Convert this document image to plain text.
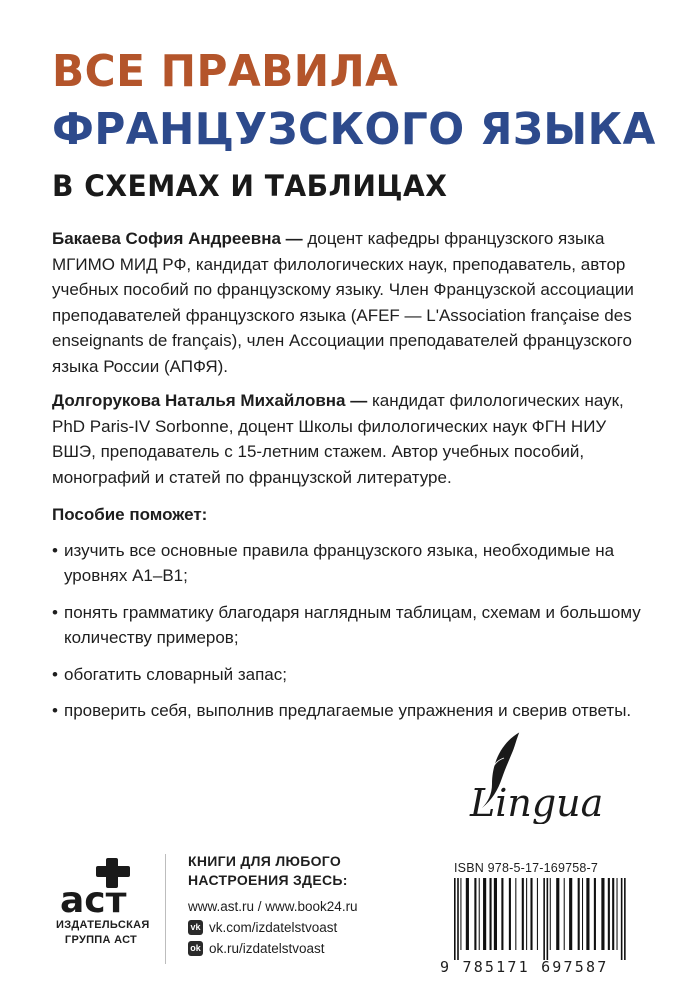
ВСЕ ПРАВИЛА
ФРАНЦУЗСКОГО ЯЗЫКА
В СХЕМАХ И ТАБЛИЦАХ

Бакаева София Андреевна — доцент кафедры французского языка МГИМО МИД РФ, кандидат филологических наук, преподаватель, автор учебных пособий по французскому языку. Член Французской ассоциации преподавателей французского языка (AFEF — L'Association française des enseignants de français), член Ассоциации преподавателей французского языка России (АПФЯ).

Долгорукова Наталья Михайловна — кандидат филологических наук, PhD Paris-IV Sorbonne, доцент Школы филологических наук ФГН НИУ ВШЭ, преподаватель с 15-летним стажем. Автор учебных пособий, монографий и статей по французской литературе.

Пособие поможет:

• изучить все основные правила французского языка, необходимые на уровнях А1–В1;
• понять грамматику благодаря наглядным таблицам, схемам и большому количеству примеров;
• обогатить словарный запас;
• проверить себя, выполнив предлагаемые упражнения и сверив ответы.
Lingua
аст
ИЗДАТЕЛЬСКАЯ
ГРУППА АСТ

КНИГИ ДЛЯ ЛЮБОГО
НАСТРОЕНИЯ ЗДЕСЬ:

www.ast.ru / www.book24.ru
vk vk.com/izdatelstvoast
ok ok.ru/izdatelstvoast
ISBN 978-5-17-169758-7
9 785171 697587
